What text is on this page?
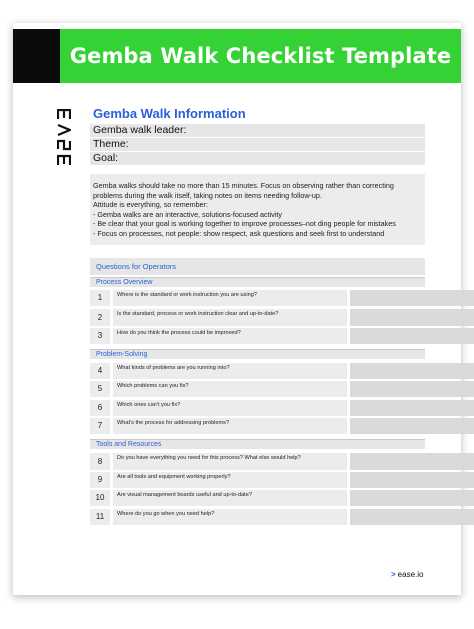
Gemba Walk Checklist Template
Gemba Walk Information
Gemba walk leader:
Theme:
Goal:
Gemba walks should take no more than 15 minutes. Focus on observing rather than correcting
problems during the walk itself, taking notes on items needing follow-up.
Attitude is everything, so remember:
- Gemba walks are an interactive, solutions-focused activity
- Be clear that your goal is working together to improve processes–not ding people for mistakes
- Focus on processes, not people: show respect, ask questions and seek first to understand
Questions for Operators
Process Overview
1	Where is the standard or work instruction you are using?
2	Is the standard, process or work instruction clear and up-to-date?
3	How do you think the process could be improved?
Problem-Solving
4	What kinds of problems are you running into?
5	Which problems can you fix?
6	Which ones can't you fix?
7	What's the process for addressing problems?
Tools and Resources
8	Do you have everything you need for this process? What else would help?
9	Are all tools and equipment working properly?
10	Are visual management boards useful and up-to-date?
11	Where do you go when you need help?
> ease.io
